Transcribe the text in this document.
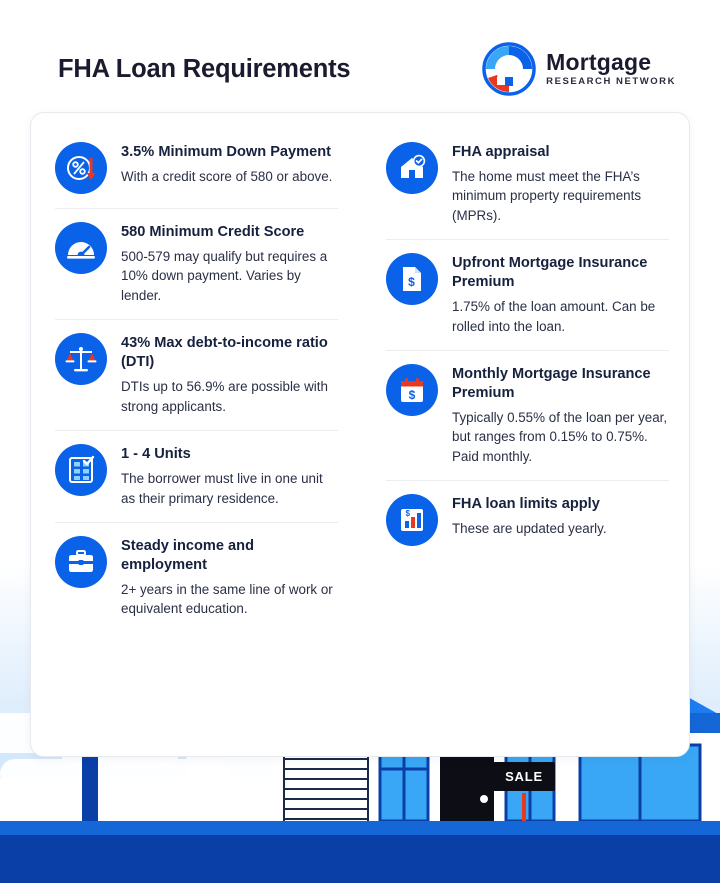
SALE
FHA Loan Requirements	Mortgage
RESEARCH NETWORK
3.5% Minimum Down Payment

With a credit score of 580 or above.

580 Minimum Credit Score

500-579 may qualify but requires a 10% down payment. Varies by lender.

43% Max debt-to-income ratio (DTI)

DTIs up to 56.9% are possible with strong applicants.

1 - 4 Units

The borrower must live in one unit as their primary residence.

Steady income and employment

2+ years in the same line of work or equivalent education.

FHA appraisal

The home must meet the FHA’s minimum property requirements (MPRs).

$
Upfront Mortgage Insurance Premium

1.75% of the loan amount. Can be rolled into the loan.

$
Monthly Mortgage Insurance Premium

Typically 0.55% of the loan per year, but ranges from 0.15% to 0.75%. Paid monthly.

$
FHA loan limits apply

These are updated yearly.
